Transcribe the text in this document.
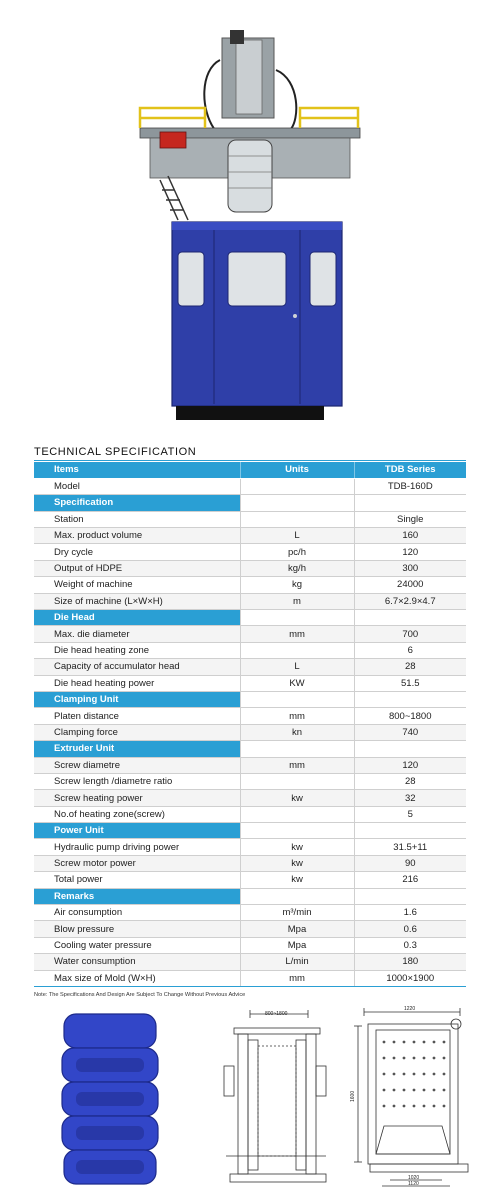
TECHNICAL SPECIFICATION
Items	Units	TDB Series
Model		TDB-160D
Specification		
Station		Single
Max. product volume	L	160
Dry cycle	pc/h	120
Output of HDPE	kg/h	300
Weight of machine	kg	24000
Size of machine (L×W×H)	m	6.7×2.9×4.7
Die Head		
Max. die diameter	mm	700
Die head heating zone		6
Capacity of accumulator head	L	28
Die head heating power	KW	51.5
Clamping Unit		
Platen distance	mm	800~1800
Clamping force	kn	740
Extruder Unit		
Screw diametre	mm	120
Screw length /diametre ratio		28
Screw heating power	kw	32
No.of heating zone(screw)		5
Power Unit		
Hydraulic pump driving power	kw	31.5+11
Screw motor power	kw	90
Total power	kw	216
Remarks		
Air consumption	m³/min	1.6
Blow pressure	Mpa	0.6
Cooling water pressure	Mpa	0.3
Water consumption	L/min	180
Max size of Mold (W×H)	mm	1000×1900
Note: The Specifications And Design Are Subject To Change Without Previous Advice
800~1800
1220
1600
1020
1120
